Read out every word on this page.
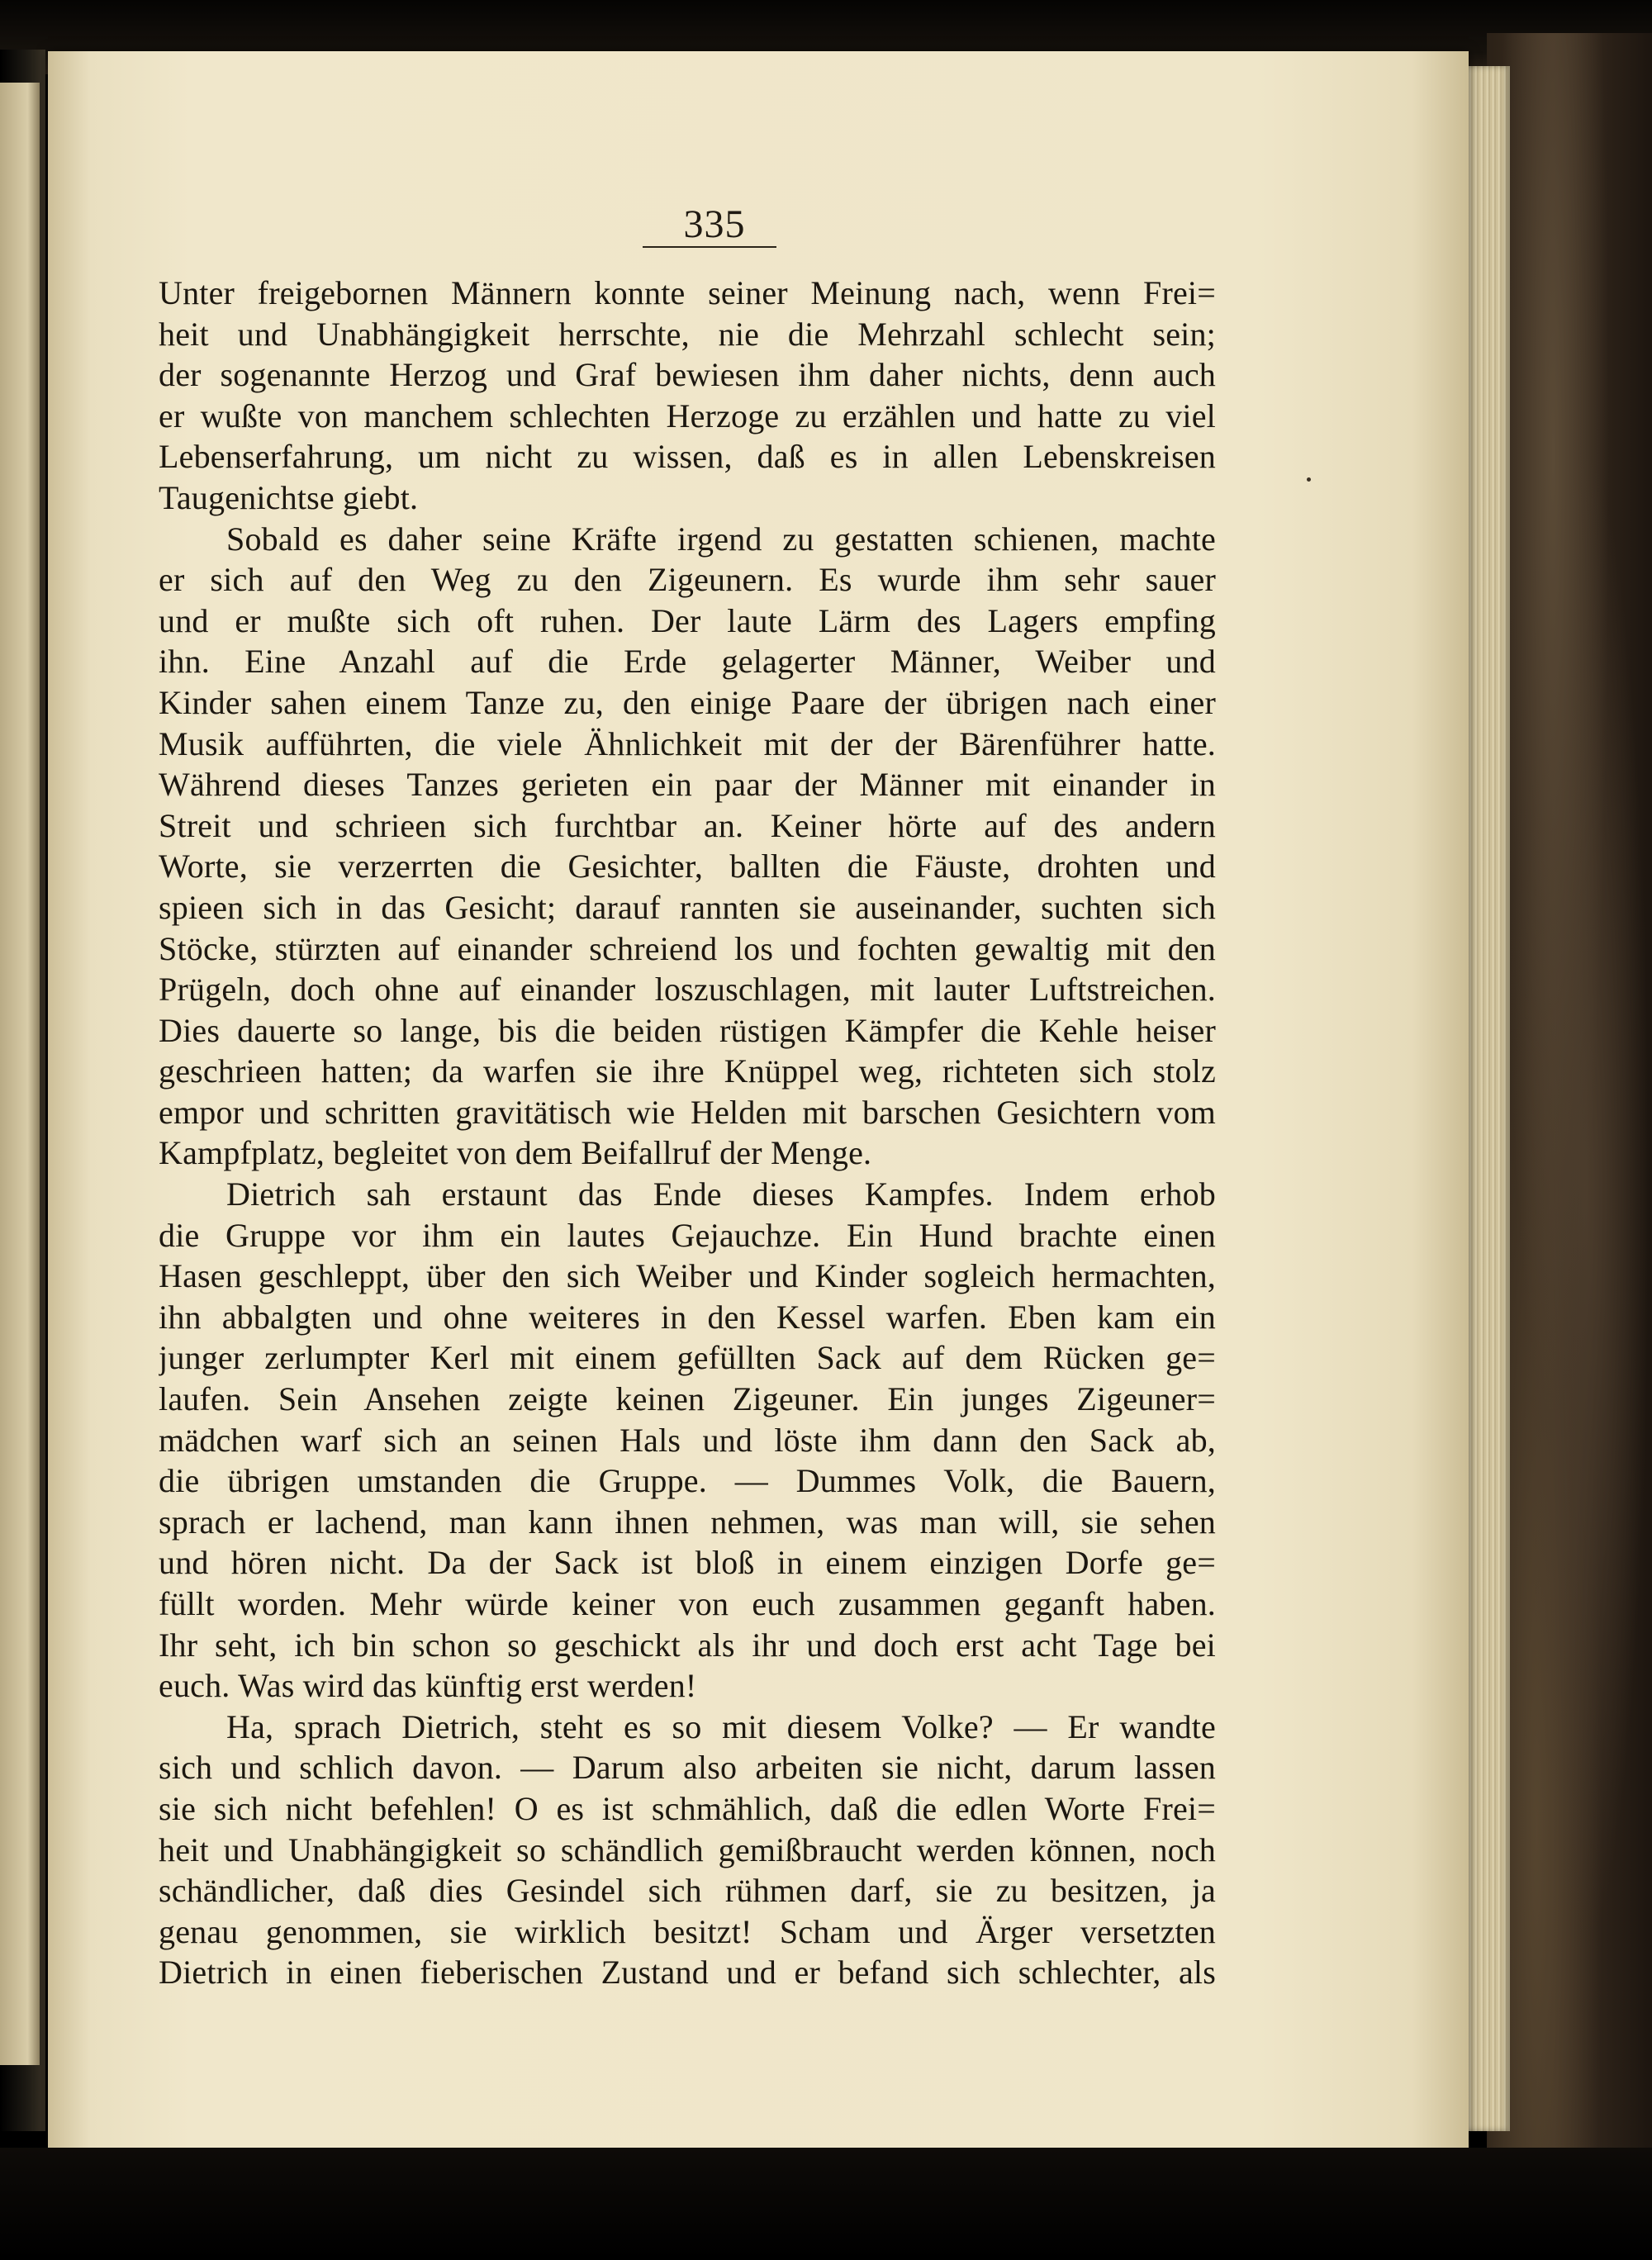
335
Unter freigebornen Männern konnte seiner Meinung nach, wenn Frei=
heit und Unabhängigkeit herrschte, nie die Mehrzahl schlecht sein;
der sogenannte Herzog und Graf bewiesen ihm daher nichts, denn auch
er wußte von manchem schlechten Herzoge zu erzählen und hatte zu viel
Lebenserfahrung, um nicht zu wissen, daß es in allen Lebenskreisen
Taugenichtse giebt.
Sobald es daher seine Kräfte irgend zu gestatten schienen, machte
er sich auf den Weg zu den Zigeunern. Es wurde ihm sehr sauer
und er mußte sich oft ruhen. Der laute Lärm des Lagers empfing
ihn. Eine Anzahl auf die Erde gelagerter Männer, Weiber und
Kinder sahen einem Tanze zu, den einige Paare der übrigen nach einer
Musik aufführten, die viele Ähnlichkeit mit der der Bärenführer hatte.
Während dieses Tanzes gerieten ein paar der Männer mit einander in
Streit und schrieen sich furchtbar an. Keiner hörte auf des andern
Worte, sie verzerrten die Gesichter, ballten die Fäuste, drohten und
spieen sich in das Gesicht; darauf rannten sie auseinander, suchten sich
Stöcke, stürzten auf einander schreiend los und fochten gewaltig mit den
Prügeln, doch ohne auf einander loszuschlagen, mit lauter Luftstreichen.
Dies dauerte so lange, bis die beiden rüstigen Kämpfer die Kehle heiser
geschrieen hatten; da warfen sie ihre Knüppel weg, richteten sich stolz
empor und schritten gravitätisch wie Helden mit barschen Gesichtern vom
Kampfplatz, begleitet von dem Beifallruf der Menge.
Dietrich sah erstaunt das Ende dieses Kampfes. Indem erhob
die Gruppe vor ihm ein lautes Gejauchze. Ein Hund brachte einen
Hasen geschleppt, über den sich Weiber und Kinder sogleich hermachten,
ihn abbalgten und ohne weiteres in den Kessel warfen. Eben kam ein
junger zerlumpter Kerl mit einem gefüllten Sack auf dem Rücken ge=
laufen. Sein Ansehen zeigte keinen Zigeuner. Ein junges Zigeuner=
mädchen warf sich an seinen Hals und löste ihm dann den Sack ab,
die übrigen umstanden die Gruppe. — Dummes Volk, die Bauern,
sprach er lachend, man kann ihnen nehmen, was man will, sie sehen
und hören nicht. Da der Sack ist bloß in einem einzigen Dorfe ge=
füllt worden. Mehr würde keiner von euch zusammen geganft haben.
Ihr seht, ich bin schon so geschickt als ihr und doch erst acht Tage bei
euch. Was wird das künftig erst werden!
Ha, sprach Dietrich, steht es so mit diesem Volke? — Er wandte
sich und schlich davon. — Darum also arbeiten sie nicht, darum lassen
sie sich nicht befehlen! O es ist schmählich, daß die edlen Worte Frei=
heit und Unabhängigkeit so schändlich gemißbraucht werden können, noch
schändlicher, daß dies Gesindel sich rühmen darf, sie zu besitzen, ja
genau genommen, sie wirklich besitzt! Scham und Ärger versetzten
Dietrich in einen fieberischen Zustand und er befand sich schlechter, als
